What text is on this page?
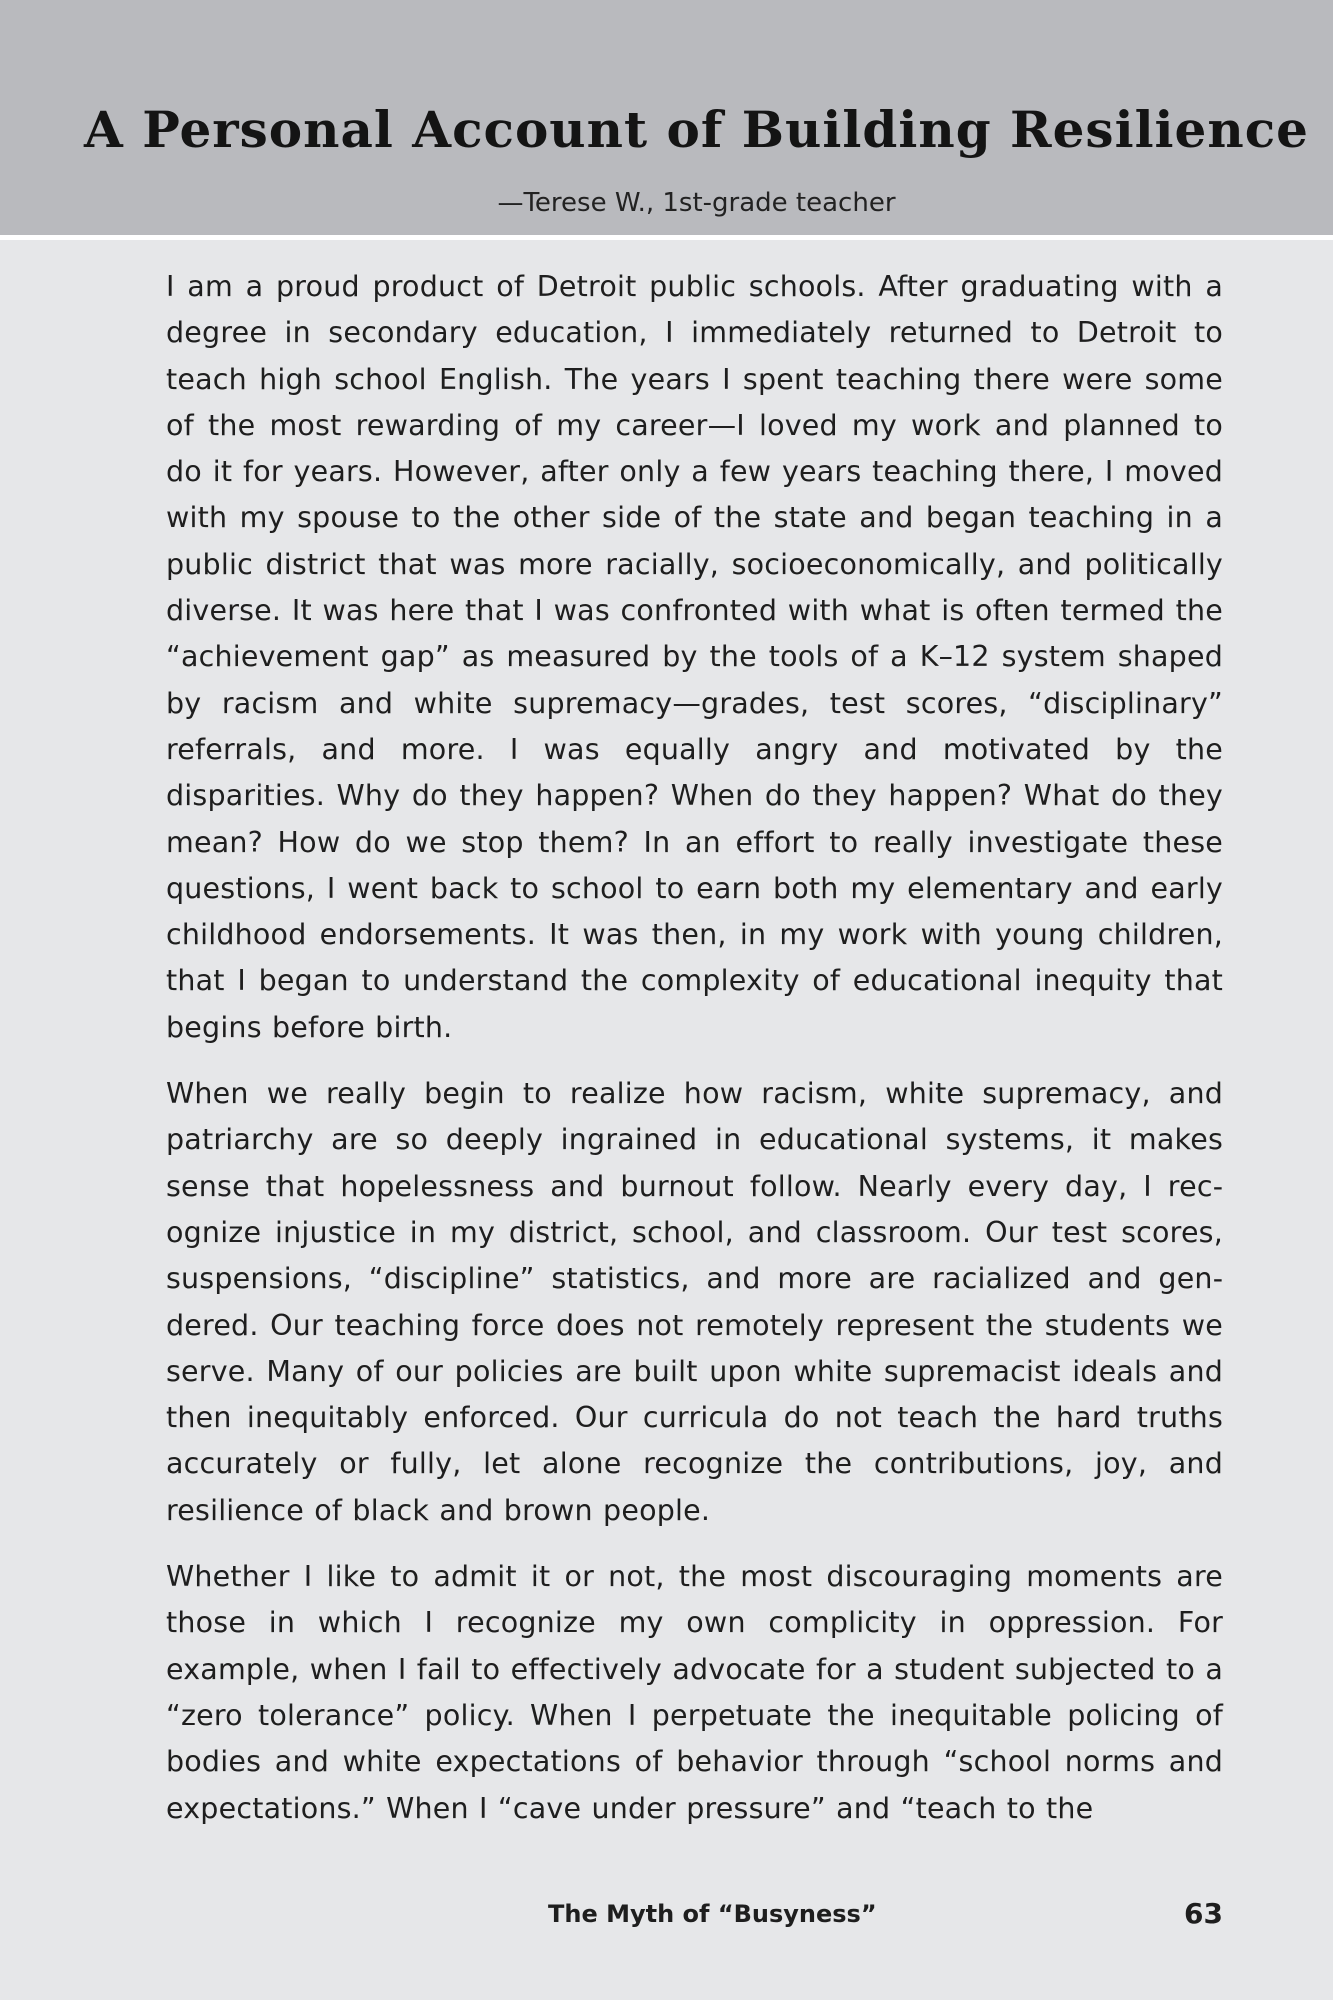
A Personal Account of Building Resilience
—Terese W., 1st-grade teacher

I am a proud product of Detroit public schools. After graduating with a degree in secondary education, I immediately returned to Detroit to teach high school English. The years I spent teaching there were some of the most rewarding of my career—I loved my work and planned to do it for years. However, after only a few years teaching there, I moved with my spouse to the other side of the state and began teaching in a public district that was more racially, socioeconomically, and politically diverse. It was here that I was confronted with what is often termed the “achievement gap” as measured by the tools of a K–12 system shaped by racism and white supremacy—grades, test scores, “disciplinary” referrals, and more. I was equally angry and motivated by the disparities. Why do they happen? When do they happen? What do they mean? How do we stop them? In an effort to really investigate these questions, I went back to school to earn both my elementary and early childhood endorsements. It was then, in my work with young children, that I began to understand the complexity of educational inequity that begins before birth.

When we really begin to realize how racism, white supremacy, and patriarchy are so deeply ingrained in educational systems, it makes sense that hopelessness and burnout follow. Nearly every day, I recognize injustice in my district, school, and classroom. Our test scores, suspensions, “discipline” statistics, and more are racialized and gendered. Our teaching force does not remotely represent the students we serve. Many of our policies are built upon white supremacist ideals and then inequitably enforced. Our curricula do not teach the hard truths accurately or fully, let alone recognize the contributions, joy, and resilience of black and brown people.

Whether I like to admit it or not, the most discouraging moments are those in which I recognize my own complicity in oppression. For example, when I fail to effectively advocate for a student subjected to a “zero tolerance” policy. When I perpetuate the inequitable policing of bodies and white expectations of behavior through “school norms and expectations.” When I “cave under pressure” and “teach to the

The Myth of “Busyness”	63
